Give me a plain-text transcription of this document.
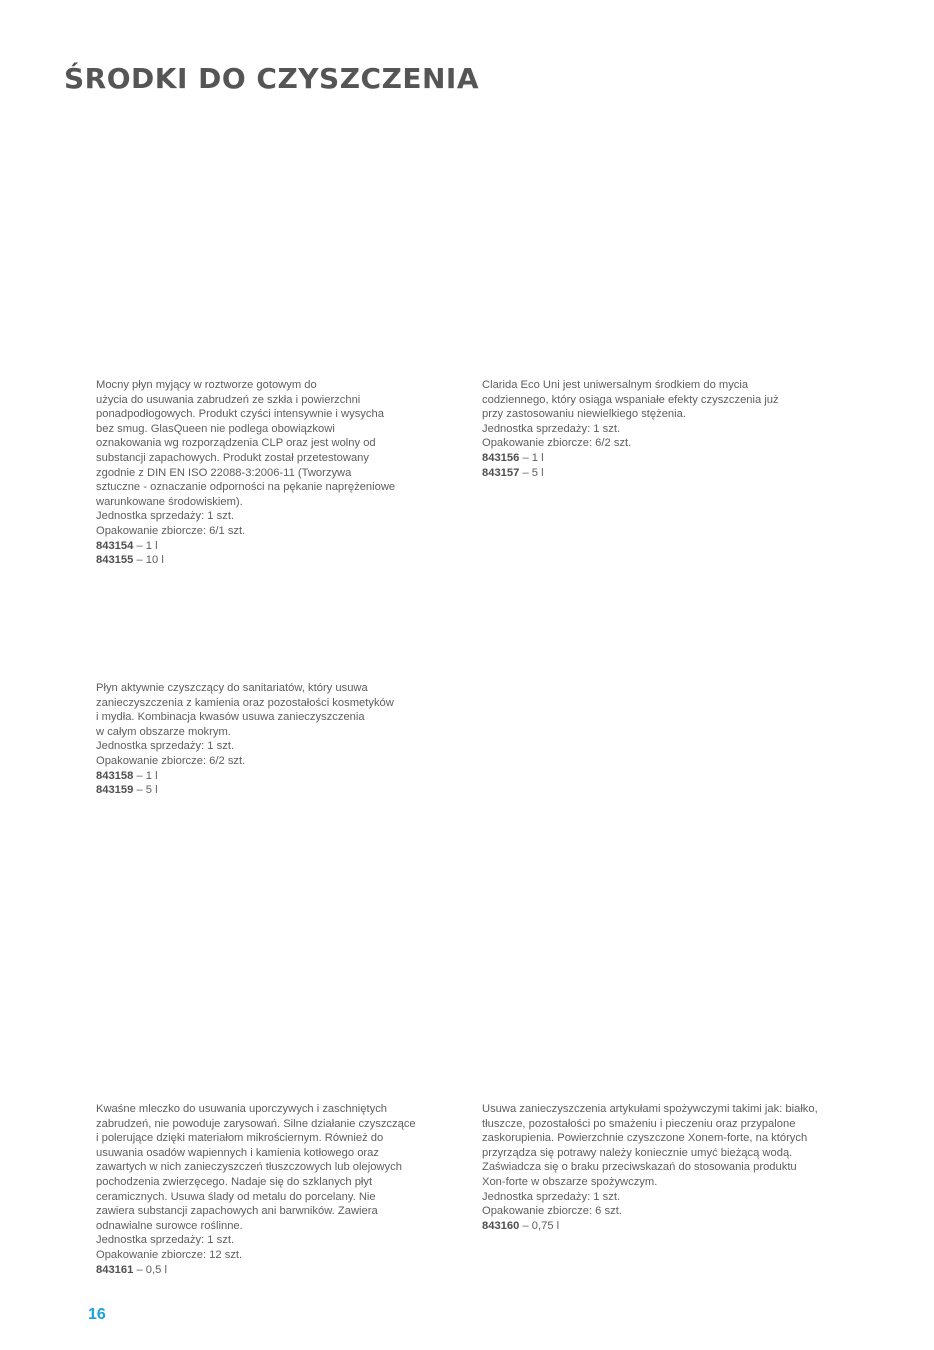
ŚRODKI DO CZYSZCZENIA
Mocny płyn myjący w roztworze gotowym do
użycia do usuwania zabrudzeń ze szkła i powierzchni
ponadpodłogowych. Produkt czyści intensywnie i wysycha
bez smug. GlasQueen nie podlega obowiązkowi
oznakowania wg rozporządzenia CLP oraz jest wolny od
substancji zapachowych. Produkt został przetestowany
zgodnie z DIN EN ISO 22088-3:2006-11 (Tworzywa
sztuczne - oznaczanie odporności na pękanie naprężeniowe
warunkowane środowiskiem).
Jednostka sprzedaży: 1 szt.
Opakowanie zbiorcze: 6/1 szt.
843154 – 1 l
843155 – 10 l
Clarida Eco Uni jest uniwersalnym środkiem do mycia
codziennego, który osiąga wspaniałe efekty czyszczenia już
przy zastosowaniu niewielkiego stężenia.
Jednostka sprzedaży: 1 szt.
Opakowanie zbiorcze: 6/2 szt.
843156 – 1 l
843157 – 5 l
Płyn aktywnie czyszczący do sanitariatów, który usuwa
zanieczyszczenia z kamienia oraz pozostałości kosmetyków
i mydła. Kombinacja kwasów usuwa zanieczyszczenia
w całym obszarze mokrym.
Jednostka sprzedaży: 1 szt.
Opakowanie zbiorcze: 6/2 szt.
843158 – 1 l
843159 – 5 l
Kwaśne mleczko do usuwania uporczywych i zaschniętych
zabrudzeń, nie powoduje zarysowań. Silne działanie czyszczące
i polerujące dzięki materiałom mikrościernym. Również do
usuwania osadów wapiennych i kamienia kotłowego oraz
zawartych w nich zanieczyszczeń tłuszczowych lub olejowych
pochodzenia zwierzęcego. Nadaje się do szklanych płyt
ceramicznych. Usuwa ślady od metalu do porcelany. Nie
zawiera substancji zapachowych ani barwników. Zawiera
odnawialne surowce roślinne.
Jednostka sprzedaży: 1 szt.
Opakowanie zbiorcze: 12 szt.
843161 – 0,5 l
Usuwa zanieczyszczenia artykułami spożywczymi takimi jak: białko,
tłuszcze, pozostałości po smażeniu i pieczeniu oraz przypalone
zaskorupienia. Powierzchnie czyszczone Xonem-forte, na których
przyrządza się potrawy należy koniecznie umyć bieżącą wodą.
Zaświadcza się o braku przeciwskazań do stosowania produktu
Xon-forte w obszarze spożywczym.
Jednostka sprzedaży: 1 szt.
Opakowanie zbiorcze: 6 szt.
843160 – 0,75 l
16
